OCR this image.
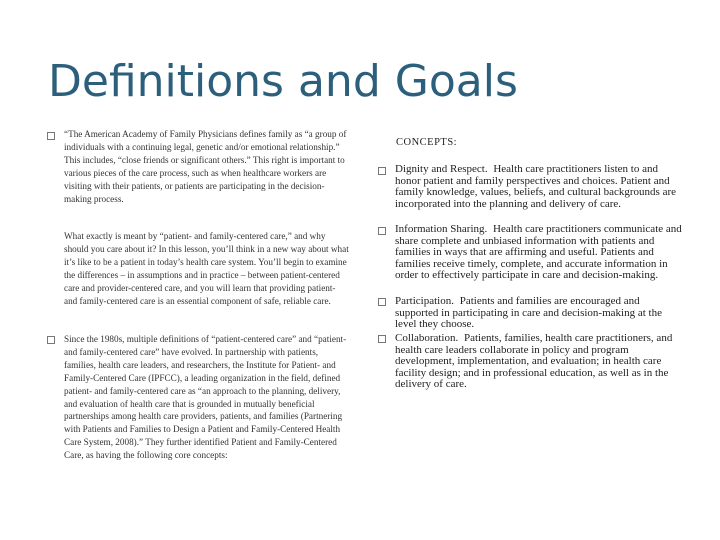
Definitions and Goals
“The American Academy of Family Physicians defines family as “a group of individuals with a continuing legal, genetic and/or emotional relationship.” This includes, “close friends or significant others.” This right is important to various pieces of the care process, such as when healthcare workers are visiting with their patients, or patients are participating in the decision-making process.
What exactly is meant by “patient- and family-centered care,” and why should you care about it? In this lesson, you’ll think in a new way about what it’s like to be a patient in today’s health care system. You’ll begin to examine the differences – in assumptions and in practice – between patient-centered care and provider-centered care, and you will learn that providing patient- and family-centered care is an essential component of safe, reliable care.
Since the 1980s, multiple definitions of “patient-centered care” and “patient- and family-centered care” have evolved. In partnership with patients, families, health care leaders, and researchers, the Institute for Patient- and Family-Centered Care (IPFCC), a leading organization in the field, defined patient- and family-centered care as “an approach to the planning, delivery, and evaluation of health care that is grounded in mutually beneficial partnerships among health care providers, patients, and families (Partnering with Patients and Families to Design a Patient and Family-Centered Health Care System, 2008).” They further identified Patient and Family-Centered Care, as having the following core concepts:
CONCEPTS:
Dignity and Respect. Health care practitioners listen to and honor patient and family perspectives and choices. Patient and family knowledge, values, beliefs, and cultural backgrounds are incorporated into the planning and delivery of care.
Information Sharing. Health care practitioners communicate and share complete and unbiased information with patients and families in ways that are affirming and useful. Patients and families receive timely, complete, and accurate information in order to effectively participate in care and decision-making.
Participation. Patients and families are encouraged and supported in participating in care and decision-making at the level they choose.
Collaboration. Patients, families, health care practitioners, and health care leaders collaborate in policy and program development, implementation, and evaluation; in health care facility design; and in professional education, as well as in the delivery of care.
